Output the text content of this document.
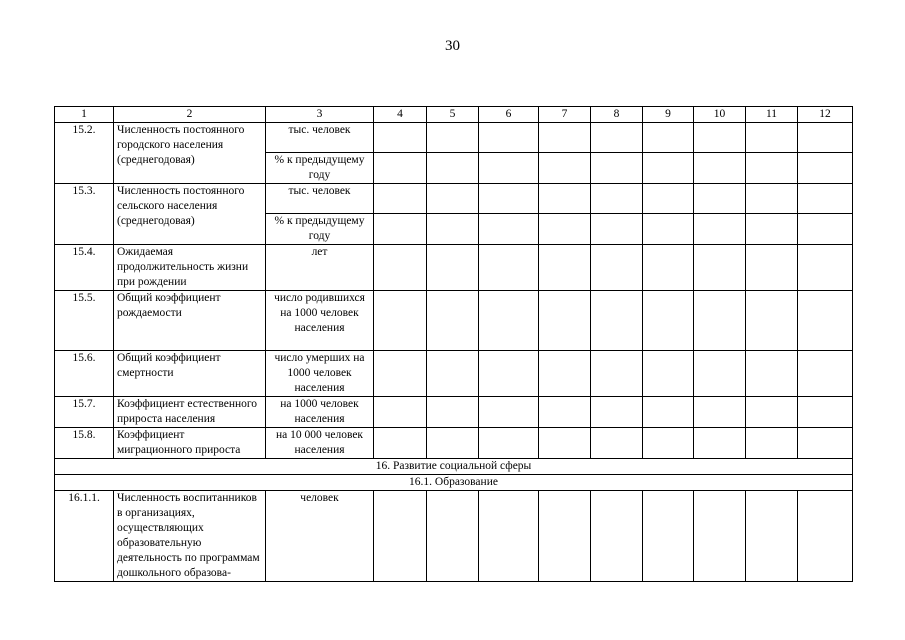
30
1	2	3	4	5	6	7	8	9	10	11	12
15.2.	Численность постоянного городского населения (среднегодовая)	тыс. человек									
		% к предыдущему году									
15.3.	Численность постоянного сельского населения (среднегодовая)	тыс. человек									
		% к предыдущему году									
15.4.	Ожидаемая продолжительность жизни при рождении	лет									
15.5.	Общий коэффициент рождаемости	число родившихся на 1000 человек населения									
15.6.	Общий коэффициент смертности	число умерших на 1000 человек населения									
15.7.	Коэффициент естественного прироста населения	на 1000 человек населения									
15.8.	Коэффициент миграционного прироста	на 10 000 человек населения									
16. Развитие социальной сферы											
16.1. Образование											
16.1.1.	Численность воспитанников в организациях, осуществляющих образовательную деятельность по программам дошкольного образова-	человек									
